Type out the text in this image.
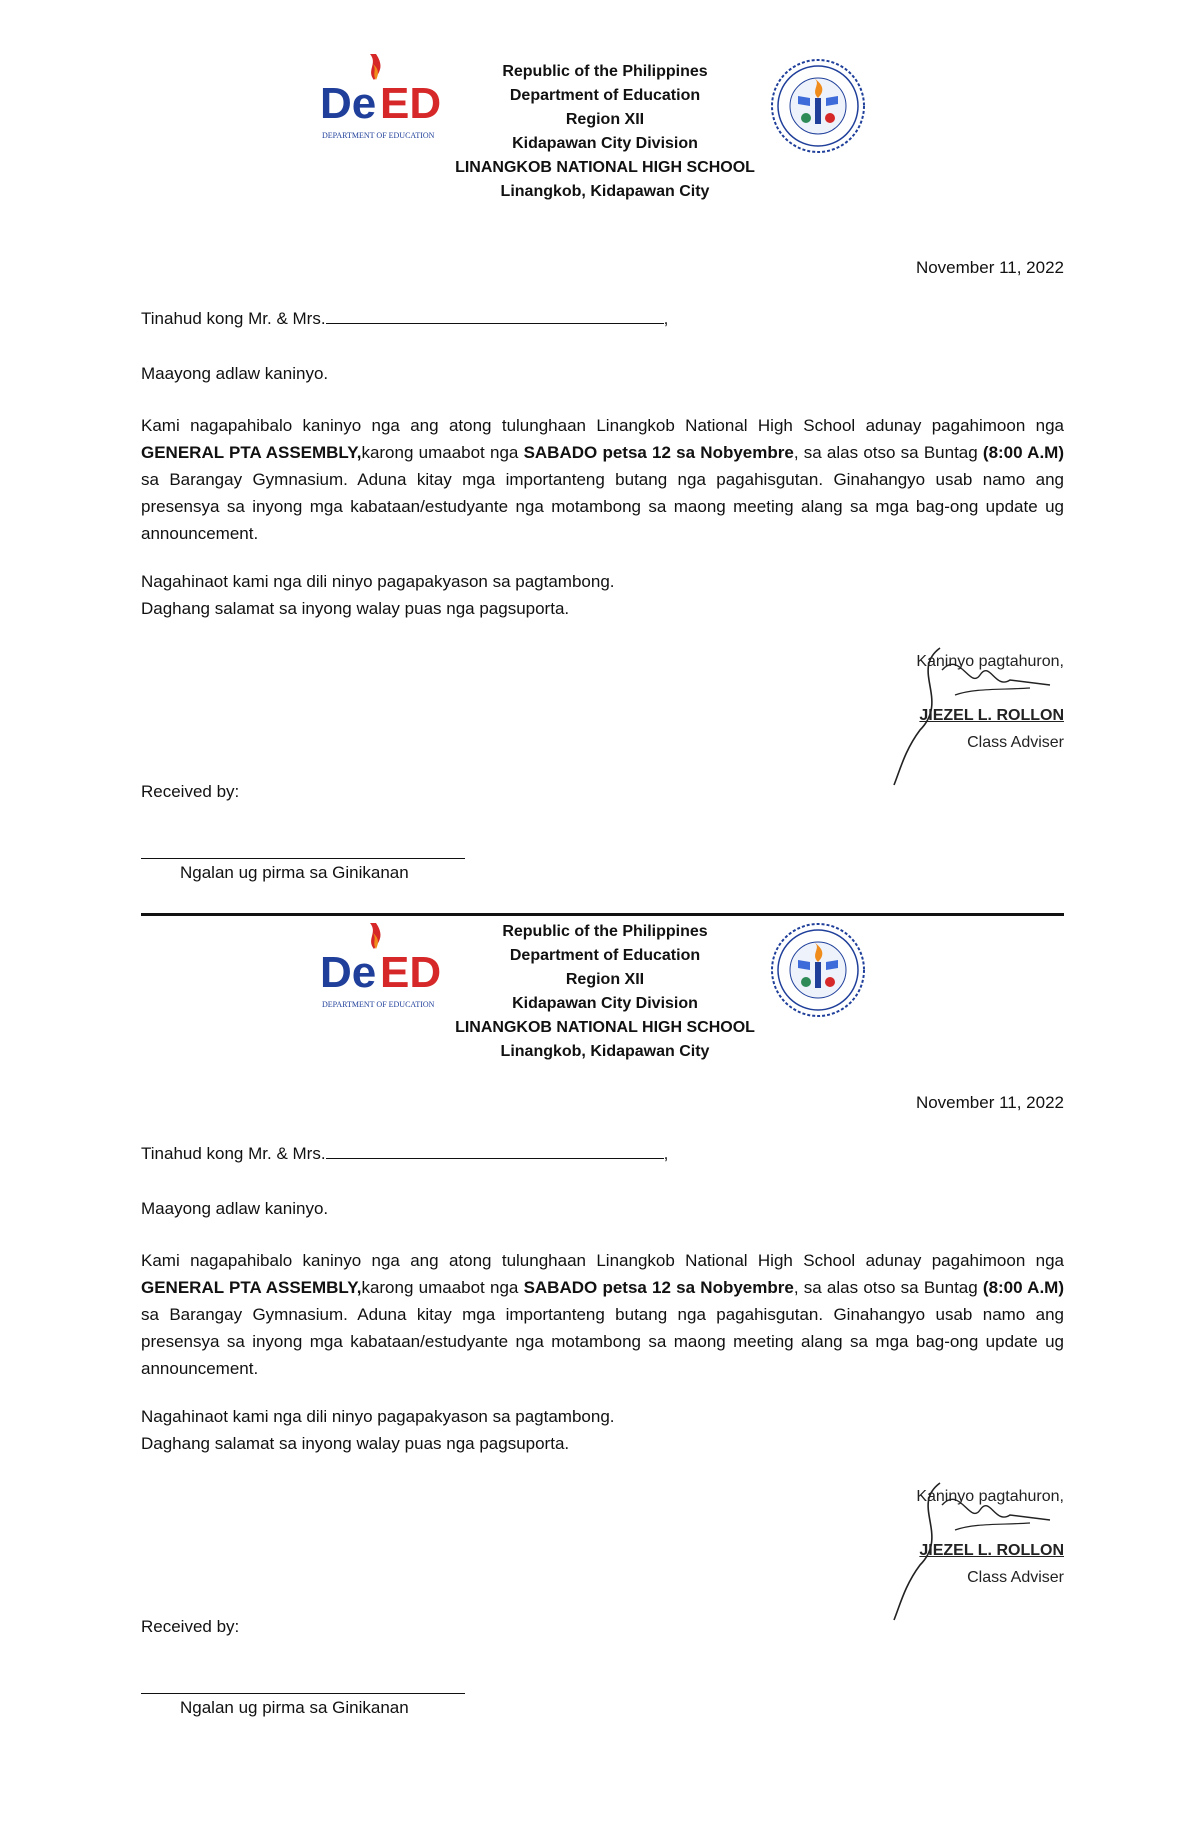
De ED
DEPARTMENT OF EDUCATION
Republic of the Philippines
Department of Education
Region XII
Kidapawan City Division
LINANGKOB NATIONAL HIGH SCHOOL
Linangkob, Kidapawan City
November 11, 2022
Tinahud kong Mr. & Mrs.	,
Maayong adlaw kaninyo.
Kami nagapahibalo kaninyo nga ang atong tulunghaan Linangkob National High School adunay pagahimoon nga GENERAL PTA ASSEMBLY,karong umaabot nga SABADO petsa 12 sa Nobyembre, sa alas otso sa Buntag (8:00 A.M) sa Barangay Gymnasium. Aduna kitay mga importanteng butang nga pagahisgutan. Ginahangyo usab namo ang presensya sa inyong mga kabataan/estudyante nga motambong sa maong meeting alang sa mga bag-ong update ug announcement.
Nagahinaot kami nga dili ninyo pagapakyason sa pagtambong.
Daghang salamat sa inyong walay puas nga pagsuporta.
Kaninyo pagtahuron,
JIEZEL L. ROLLON
Class Adviser
Received by:
Ngalan ug pirma sa Ginikanan
De ED
DEPARTMENT OF EDUCATION
Republic of the Philippines
Department of Education
Region XII
Kidapawan City Division
LINANGKOB NATIONAL HIGH SCHOOL
Linangkob, Kidapawan City
November 11, 2022
Tinahud kong Mr. & Mrs.	,
Maayong adlaw kaninyo.
Kami nagapahibalo kaninyo nga ang atong tulunghaan Linangkob National High School adunay pagahimoon nga GENERAL PTA ASSEMBLY,karong umaabot nga SABADO petsa 12 sa Nobyembre, sa alas otso sa Buntag (8:00 A.M) sa Barangay Gymnasium. Aduna kitay mga importanteng butang nga pagahisgutan. Ginahangyo usab namo ang presensya sa inyong mga kabataan/estudyante nga motambong sa maong meeting alang sa mga bag-ong update ug announcement.
Nagahinaot kami nga dili ninyo pagapakyason sa pagtambong.
Daghang salamat sa inyong walay puas nga pagsuporta.
Kaninyo pagtahuron,
JIEZEL L. ROLLON
Class Adviser
Received by:
Ngalan ug pirma sa Ginikanan
